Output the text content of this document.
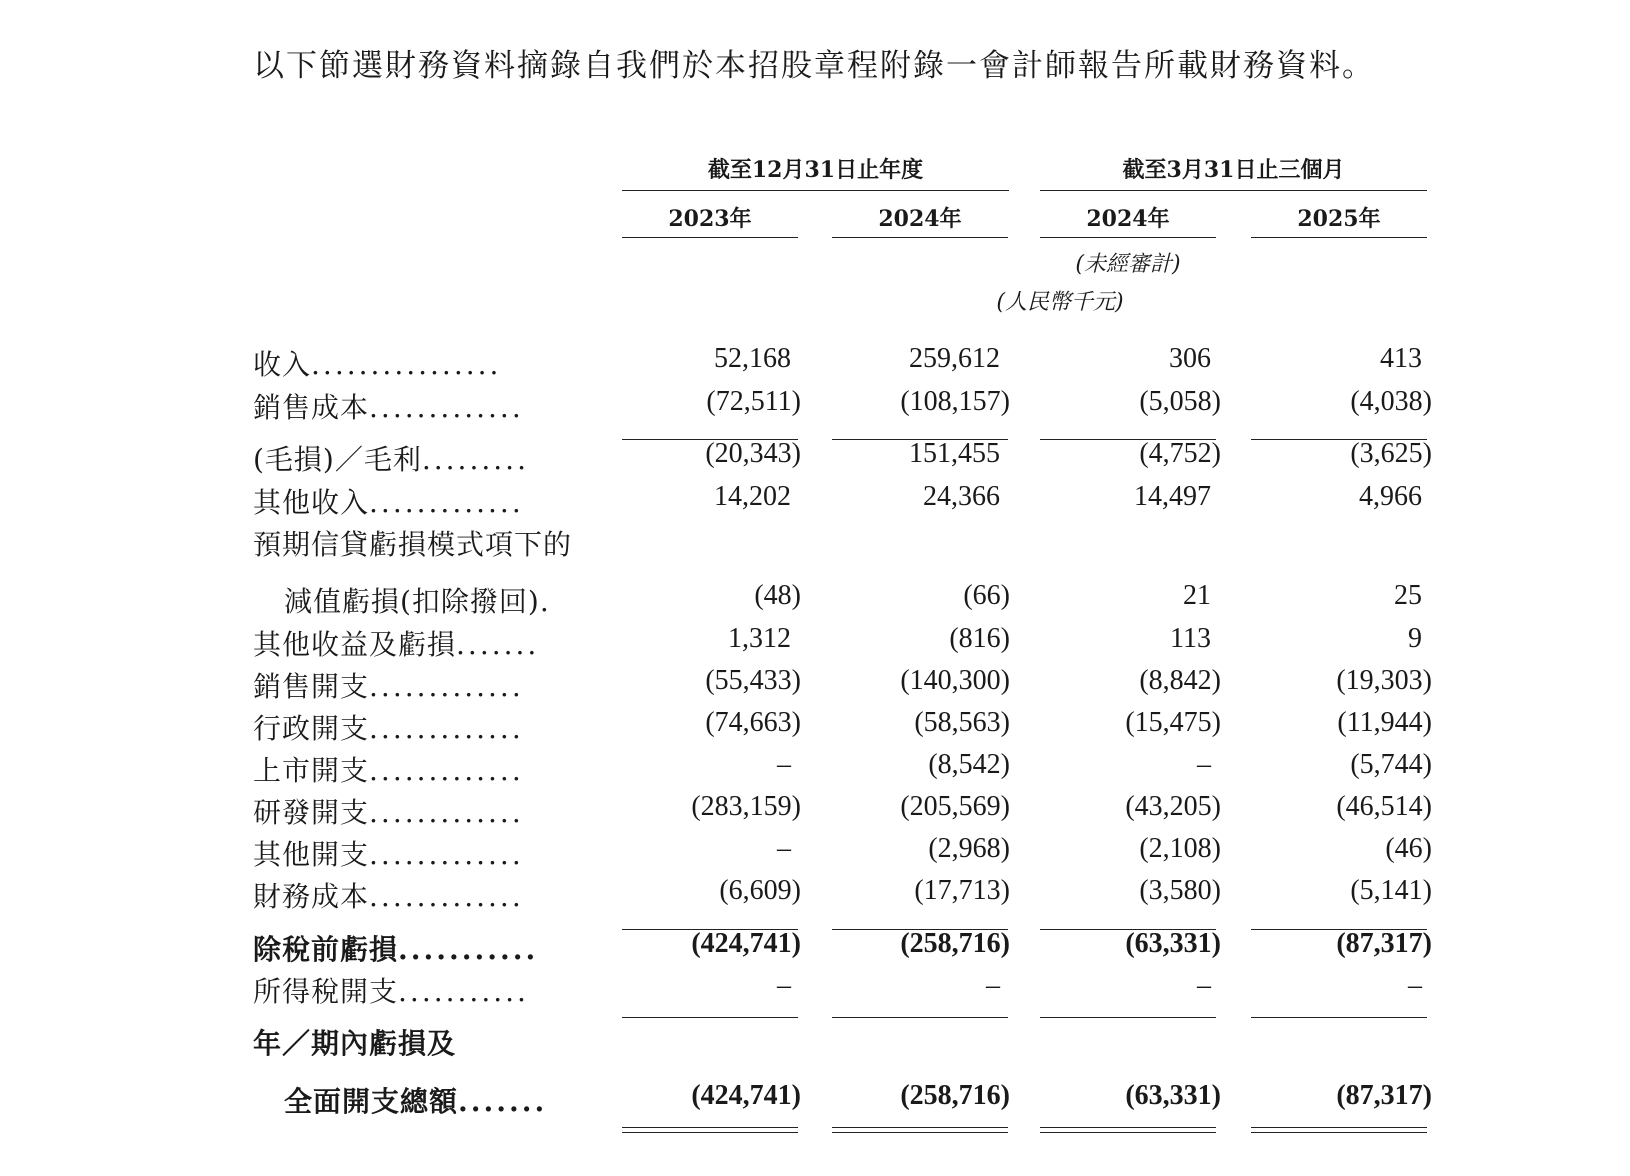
以下節選財務資料摘錄自我們於本招股章程附錄一會計師報告所載財務資料。
截至12月31日止年度	截至3月31日止三個月
2023年	2024年	2024年	2025年
(未經審計)
(人民幣千元)
收入................	52,168	259,612	306	413
銷售成本.............	(72,511)	(108,157)	(5,058)	(4,038)
(毛損)／毛利.........	(20,343)	151,455	(4,752)	(3,625)
其他收入.............	14,202	24,366	14,497	4,966
預期信貸虧損模式項下的
減值虧損(扣除撥回).	(48)	(66)	21	25
其他收益及虧損.......	1,312	(816)	113	9
銷售開支.............	(55,433)	(140,300)	(8,842)	(19,303)
行政開支.............	(74,663)	(58,563)	(15,475)	(11,944)
上市開支.............	–	(8,542)	–	(5,744)
研發開支.............	(283,159)	(205,569)	(43,205)	(46,514)
其他開支.............	–	(2,968)	(2,108)	(46)
財務成本.............	(6,609)	(17,713)	(3,580)	(5,141)
除稅前虧損...........	(424,741)	(258,716)	(63,331)	(87,317)
所得稅開支...........	–	–	–	–
年／期內虧損及
全面開支總額.......	(424,741)	(258,716)	(63,331)	(87,317)
